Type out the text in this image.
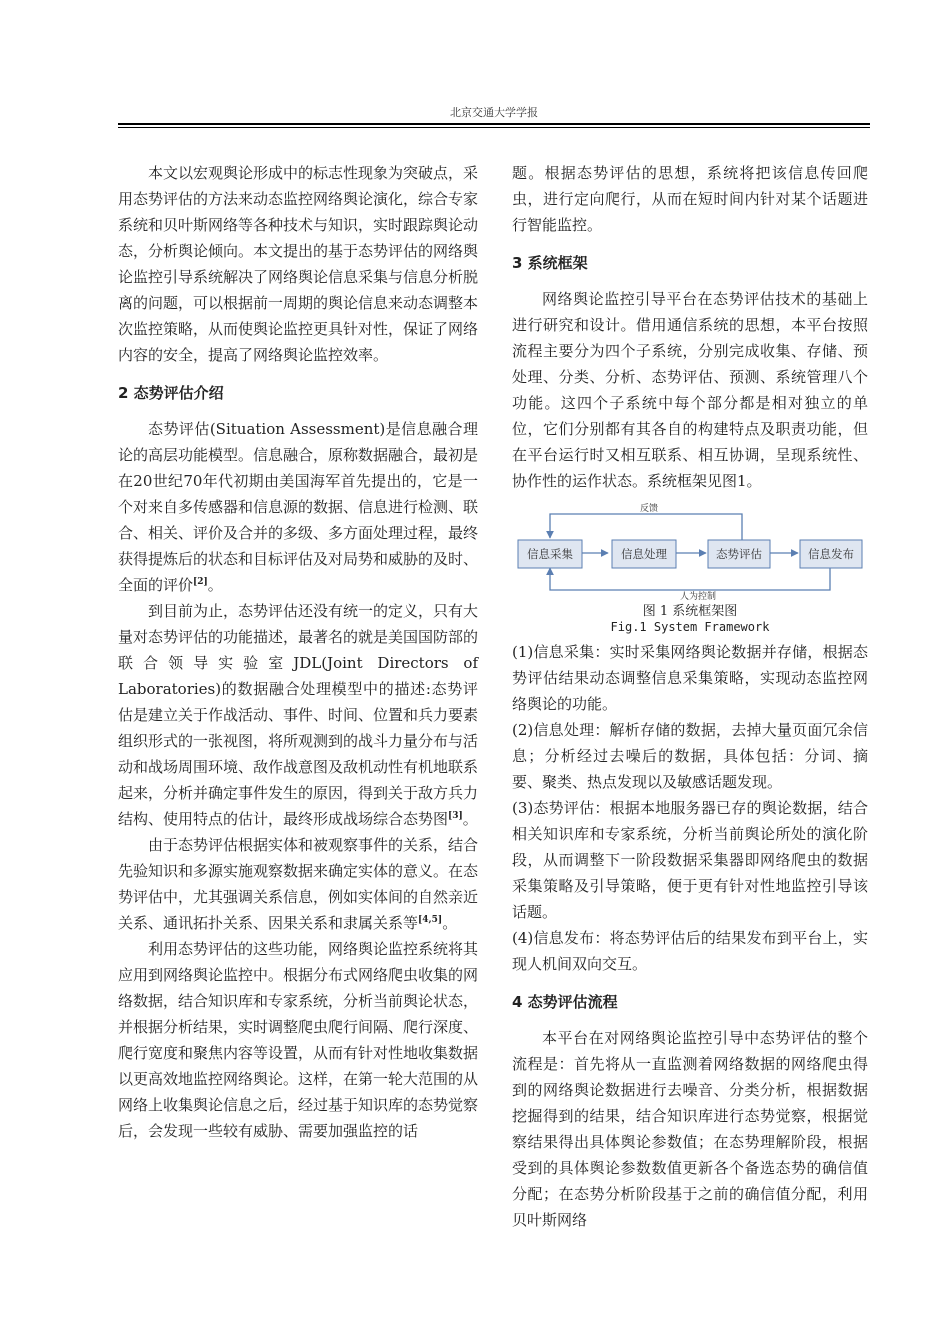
北京交通大学学报

本文以宏观舆论形成中的标志性现象为突破点，采用态势评估的方法来动态监控网络舆论演化，综合专家系统和贝叶斯网络等各种技术与知识，实时跟踪舆论动态，分析舆论倾向。本文提出的基于态势评估的网络舆论监控引导系统解决了网络舆论信息采集与信息分析脱离的问题，可以根据前一周期的舆论信息来动态调整本次监控策略，从而使舆论监控更具针对性，保证了网络内容的安全，提高了网络舆论监控效率。

2 态势评估介绍

态势评估(Situation Assessment)是信息融合理论的高层功能模型。信息融合，原称数据融合，最初是在20世纪70年代初期由美国海军首先提出的，它是一个对来自多传感器和信息源的数据、信息进行检测、联合、相关、评价及合并的多级、多方面处理过程，最终获得提炼后的状态和目标评估及对局势和威胁的及时、全面的评价[2]。

到目前为止，态势评估还没有统一的定义，只有大量对态势评估的功能描述，最著名的就是美国国防部的联合领导实验室JDL(Joint Directors of Laboratories)的数据融合处理模型中的描述:态势评估是建立关于作战活动、事件、时间、位置和兵力要素组织形式的一张视图，将所观测到的战斗力量分布与活动和战场周围环境、敌作战意图及敌机动性有机地联系起来，分析并确定事件发生的原因，得到关于敌方兵力结构、使用特点的估计，最终形成战场综合态势图[3]。

由于态势评估根据实体和被观察事件的关系，结合先验知识和多源实施观察数据来确定实体的意义。在态势评估中，尤其强调关系信息，例如实体间的自然亲近关系、通讯拓扑关系、因果关系和隶属关系等[4,5]。

利用态势评估的这些功能，网络舆论监控系统将其应用到网络舆论监控中。根据分布式网络爬虫收集的网络数据，结合知识库和专家系统，分析当前舆论状态，并根据分析结果，实时调整爬虫爬行间隔、爬行深度、爬行宽度和聚焦内容等设置，从而有针对性地收集数据以更高效地监控网络舆论。这样，在第一轮大范围的从网络上收集舆论信息之后，经过基于知识库的态势觉察后，会发现一些较有威胁、需要加强监控的话

题。根据态势评估的思想，系统将把该信息传回爬虫，进行定向爬行，从而在短时间内针对某个话题进行智能监控。

3 系统框架

网络舆论监控引导平台在态势评估技术的基础上进行研究和设计。借用通信系统的思想，本平台按照流程主要分为四个子系统，分别完成收集、存储、预处理、分类、分析、态势评估、预测、系统管理八个功能。这四个子系统中每个部分都是相对独立的单位，它们分别都有其各自的构建特点及职责功能，但在平台运行时又相互联系、相互协调，呈现系统性、协作性的运作状态。系统框架见图1。

反馈
人为控制
信息采集	信息处理	态势评估	信息发布
图 1 系统框架图
Fig.1 System Framework

(1)信息采集：实时采集网络舆论数据并存储，根据态势评估结果动态调整信息采集策略，实现动态监控网络舆论的功能。

(2)信息处理：解析存储的数据，去掉大量页面冗余信息；分析经过去噪后的数据，具体包括：分词、摘要、聚类、热点发现以及敏感话题发现。

(3)态势评估：根据本地服务器已存的舆论数据，结合相关知识库和专家系统，分析当前舆论所处的演化阶段，从而调整下一阶段数据采集器即网络爬虫的数据采集策略及引导策略，便于更有针对性地监控引导该话题。

(4)信息发布：将态势评估后的结果发布到平台上，实现人机间双向交互。

4 态势评估流程

本平台在对网络舆论监控引导中态势评估的整个流程是：首先将从一直监测着网络数据的网络爬虫得到的网络舆论数据进行去噪音、分类分析，根据数据挖掘得到的结果，结合知识库进行态势觉察，根据觉察结果得出具体舆论参数值；在态势理解阶段，根据受到的具体舆论参数数值更新各个备选态势的确信值分配；在态势分析阶段基于之前的确信值分配，利用贝叶斯网络
